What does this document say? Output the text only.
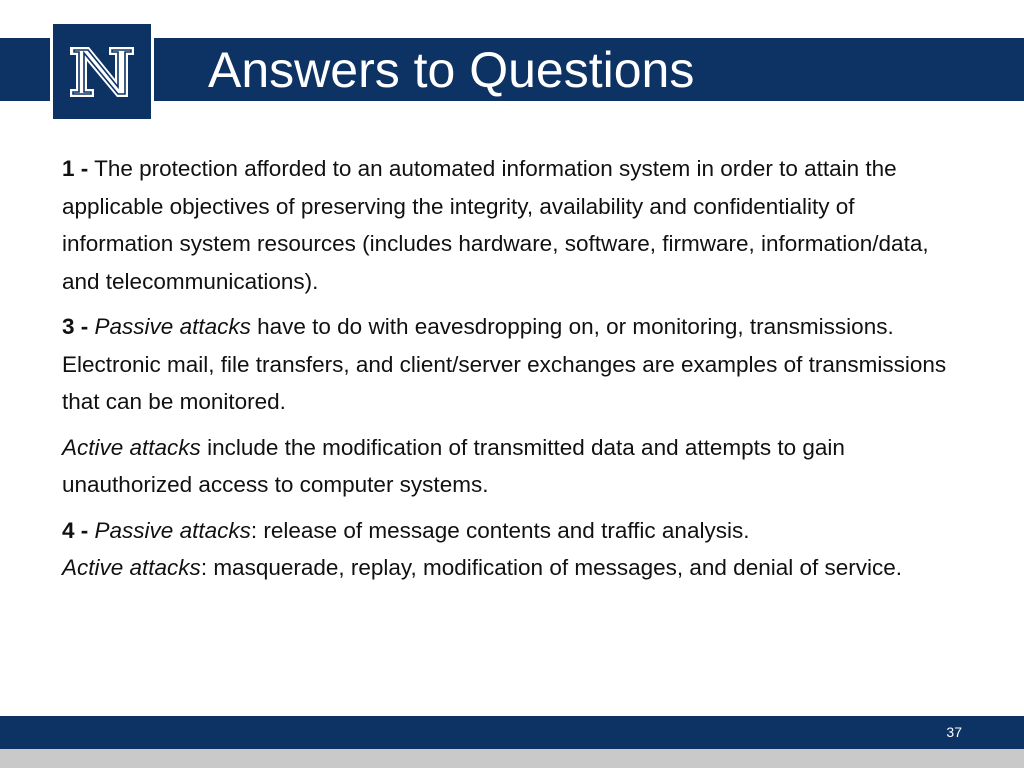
Answers to Questions

1 - The protection afforded to an automated information system in order to attain the applicable objectives of preserving the integrity, availability and confidentiality of information system resources (includes hardware, software, firmware, information/data, and telecommunications).

3 - Passive attacks have to do with eavesdropping on, or monitoring, transmissions. Electronic mail, file transfers, and client/server exchanges are examples of transmissions that can be monitored.

Active attacks include the modification of transmitted data and attempts to gain unauthorized access to computer systems.

4 - Passive attacks: release of message contents and traffic analysis.
Active attacks: masquerade, replay, modification of messages, and denial of service.

37
